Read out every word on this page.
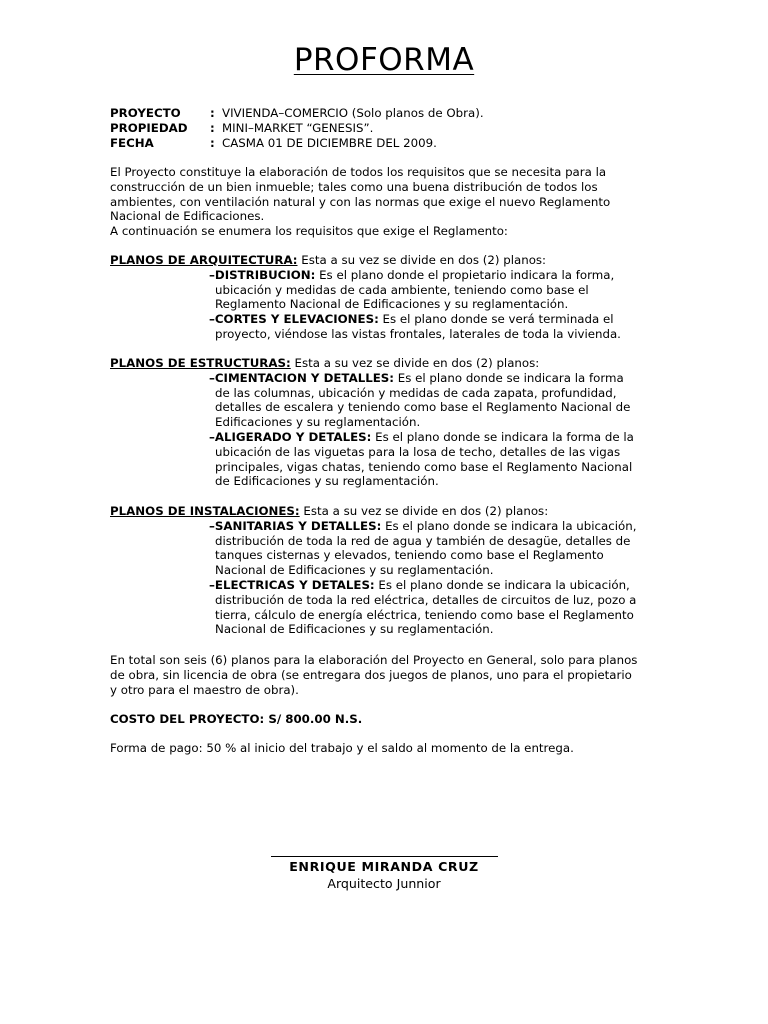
PROFORMA
PROYECTO	: VIVIENDA–COMERCIO (Solo planos de Obra).
PROPIEDAD	: MINI–MARKET “GENESIS”.
FECHA	: CASMA 01 DE DICIEMBRE DEL 2009.
El Proyecto constituye la elaboración de todos los requisitos que se necesita para la
construcción de un bien inmueble; tales como una buena distribución de todos los
ambientes, con ventilación natural y con las normas que exige el nuevo Reglamento
Nacional de Edificaciones.
A continuación se enumera los requisitos que exige el Reglamento:
PLANOS DE ARQUITECTURA: Esta a su vez se divide en dos (2) planos:
–DISTRIBUCION: Es el plano donde el propietario indicara la forma,
ubicación y medidas de cada ambiente, teniendo como base el
Reglamento Nacional de Edificaciones y su reglamentación.
–CORTES Y ELEVACIONES: Es el plano donde se verá terminada el
proyecto, viéndose las vistas frontales, laterales de toda la vivienda.
PLANOS DE ESTRUCTURAS: Esta a su vez se divide en dos (2) planos:
–CIMENTACION Y DETALLES: Es el plano donde se indicara la forma
de las columnas, ubicación y medidas de cada zapata, profundidad,
detalles de escalera y teniendo como base el Reglamento Nacional de
Edificaciones y su reglamentación.
–ALIGERADO Y DETALES: Es el plano donde se indicara la forma de la
ubicación de las viguetas para la losa de techo, detalles de las vigas
principales, vigas chatas, teniendo como base el Reglamento Nacional
de Edificaciones y su reglamentación.
PLANOS DE INSTALACIONES: Esta a su vez se divide en dos (2) planos:
–SANITARIAS Y DETALLES: Es el plano donde se indicara la ubicación,
distribución de toda la red de agua y también de desagüe, detalles de
tanques cisternas y elevados, teniendo como base el Reglamento
Nacional de Edificaciones y su reglamentación.
–ELECTRICAS Y DETALES: Es el plano donde se indicara la ubicación,
distribución de toda la red eléctrica, detalles de circuitos de luz, pozo a
tierra, cálculo de energía eléctrica, teniendo como base el Reglamento
Nacional de Edificaciones y su reglamentación.
En total son seis (6) planos para la elaboración del Proyecto en General, solo para planos
de obra, sin licencia de obra (se entregara dos juegos de planos, uno para el propietario
y otro para el maestro de obra).
COSTO DEL PROYECTO: S/ 800.00 N.S.
Forma de pago: 50 % al inicio del trabajo y el saldo al momento de la entrega.
ENRIQUE MIRANDA CRUZ
Arquitecto Junnior
